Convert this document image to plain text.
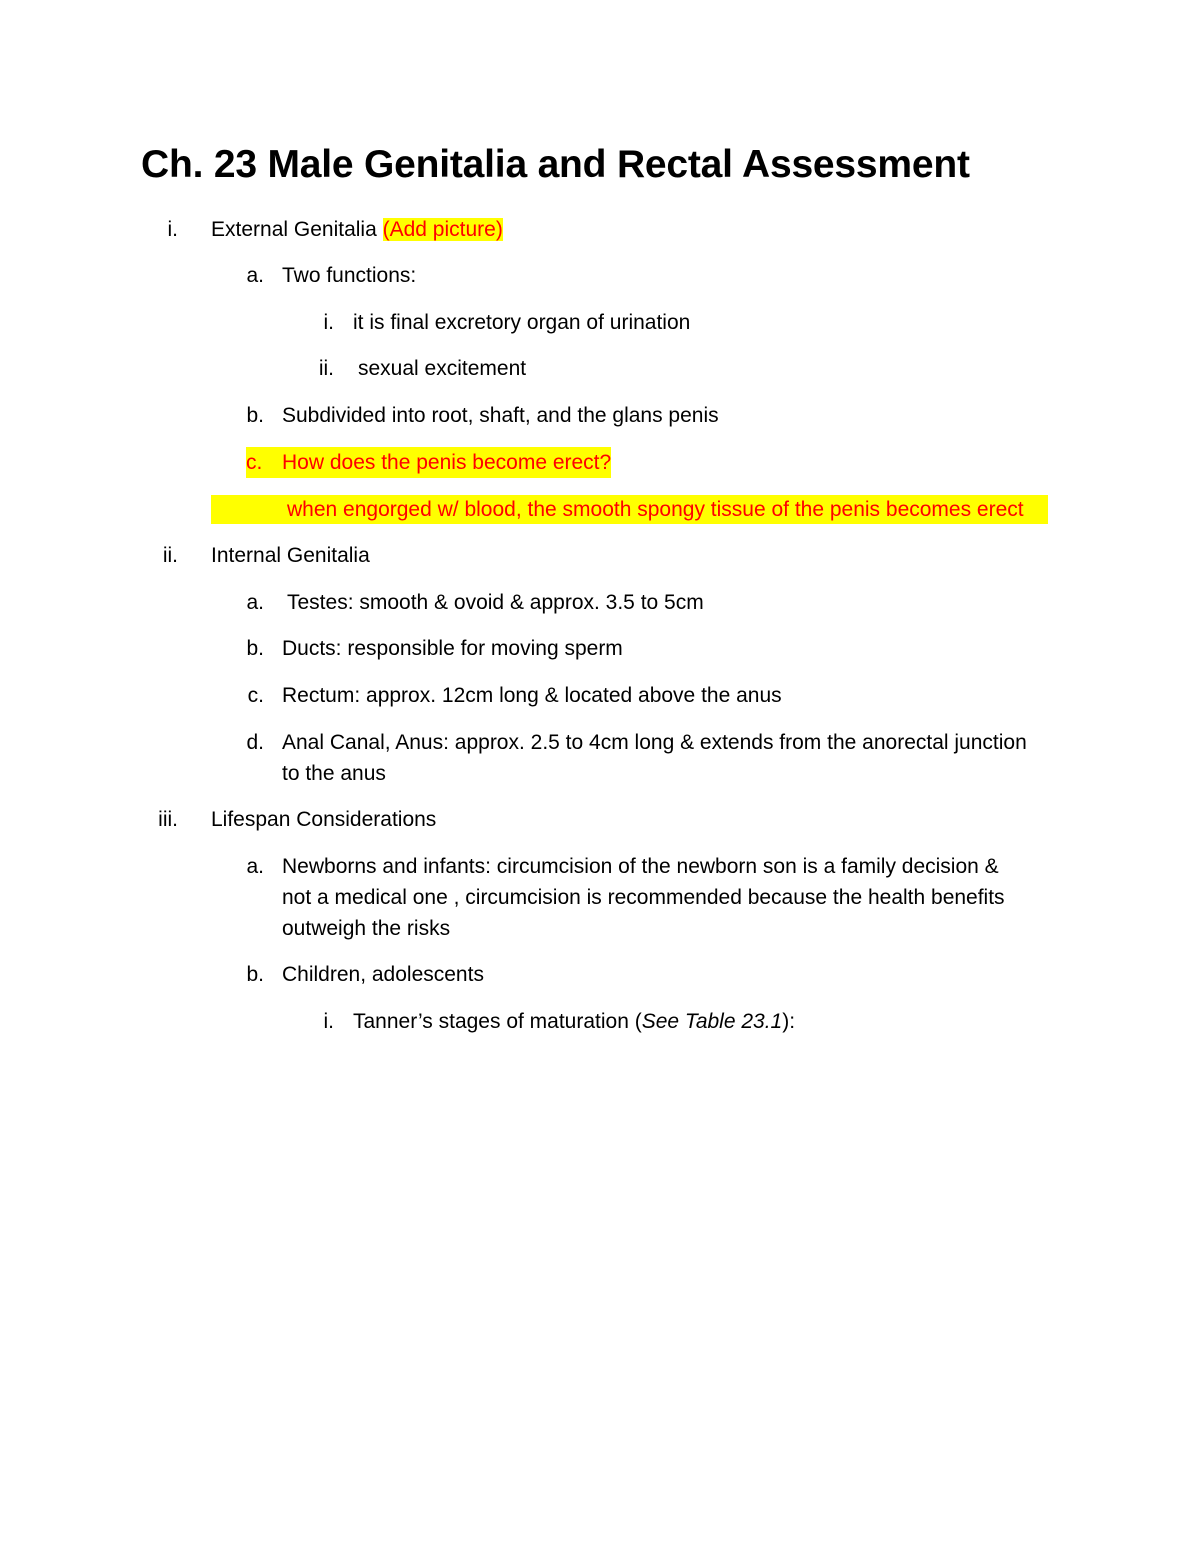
Ch. 23 Male Genitalia and Rectal Assessment
i. External Genitalia (Add picture)
a. Two functions:
i. it is final excretory organ of urination
ii. sexual excitement
b. Subdivided into root, shaft, and the glans penis
c. How does the penis become erect?
when engorged w/ blood, the smooth spongy tissue of the penis becomes erect
ii. Internal Genitalia
a. Testes: smooth & ovoid & approx. 3.5 to 5cm
b. Ducts: responsible for moving sperm
c. Rectum: approx. 12cm long & located above the anus
d. Anal Canal, Anus: approx. 2.5 to 4cm long & extends from the anorectal junction
to the anus
iii. Lifespan Considerations
a. Newborns and infants: circumcision of the newborn son is a family decision &
not a medical one , circumcision is recommended because the health benefits
outweigh the risks
b. Children, adolescents
i. Tanner’s stages of maturation (See Table 23.1):
